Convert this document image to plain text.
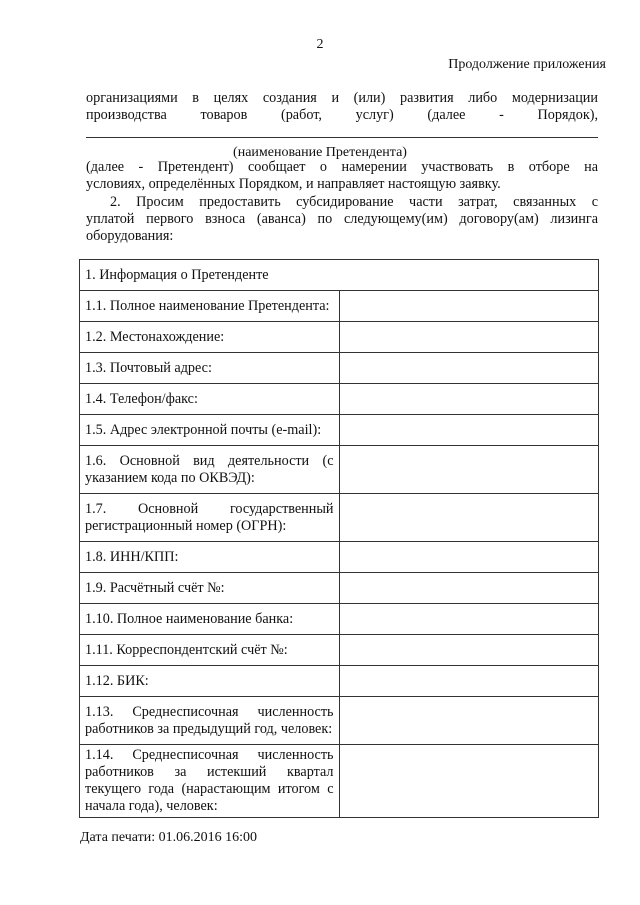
2
Продолжение приложения
организациями в целях создания и (или) развития либо модернизации
производства товаров (работ, услуг) (далее - Порядок),
(наименование Претендента)
(далее - Претендент) сообщает о намерении участвовать в отборе на
условиях, определённых Порядком, и направляет настоящую заявку.
2. Просим предоставить субсидирование части затрат, связанных с
уплатой первого взноса (аванса) по следующему(им) договору(ам) лизинга
оборудования:
1. Информация о Претенденте	
1.1. Полное наименование Претендента:	
1.2. Местонахождение:	
1.3. Почтовый адрес:	
1.4. Телефон/факс:	
1.5. Адрес электронной почты (e-mail):	
1.6. Основной вид деятельности (с указанием кода по ОКВЭД):	
1.7. Основной государственный регистрационный номер (ОГРН):	
1.8. ИНН/КПП:	
1.9. Расчётный счёт №:	
1.10. Полное наименование банка:	
1.11. Корреспондентский счёт №:	
1.12. БИК:	
1.13. Среднесписочная численность работников за предыдущий год, человек:	
1.14. Среднесписочная численность работников за истекший квартал текущего года (нарастающим итогом с начала года), человек:	
Дата печати: 01.06.2016 16:00
